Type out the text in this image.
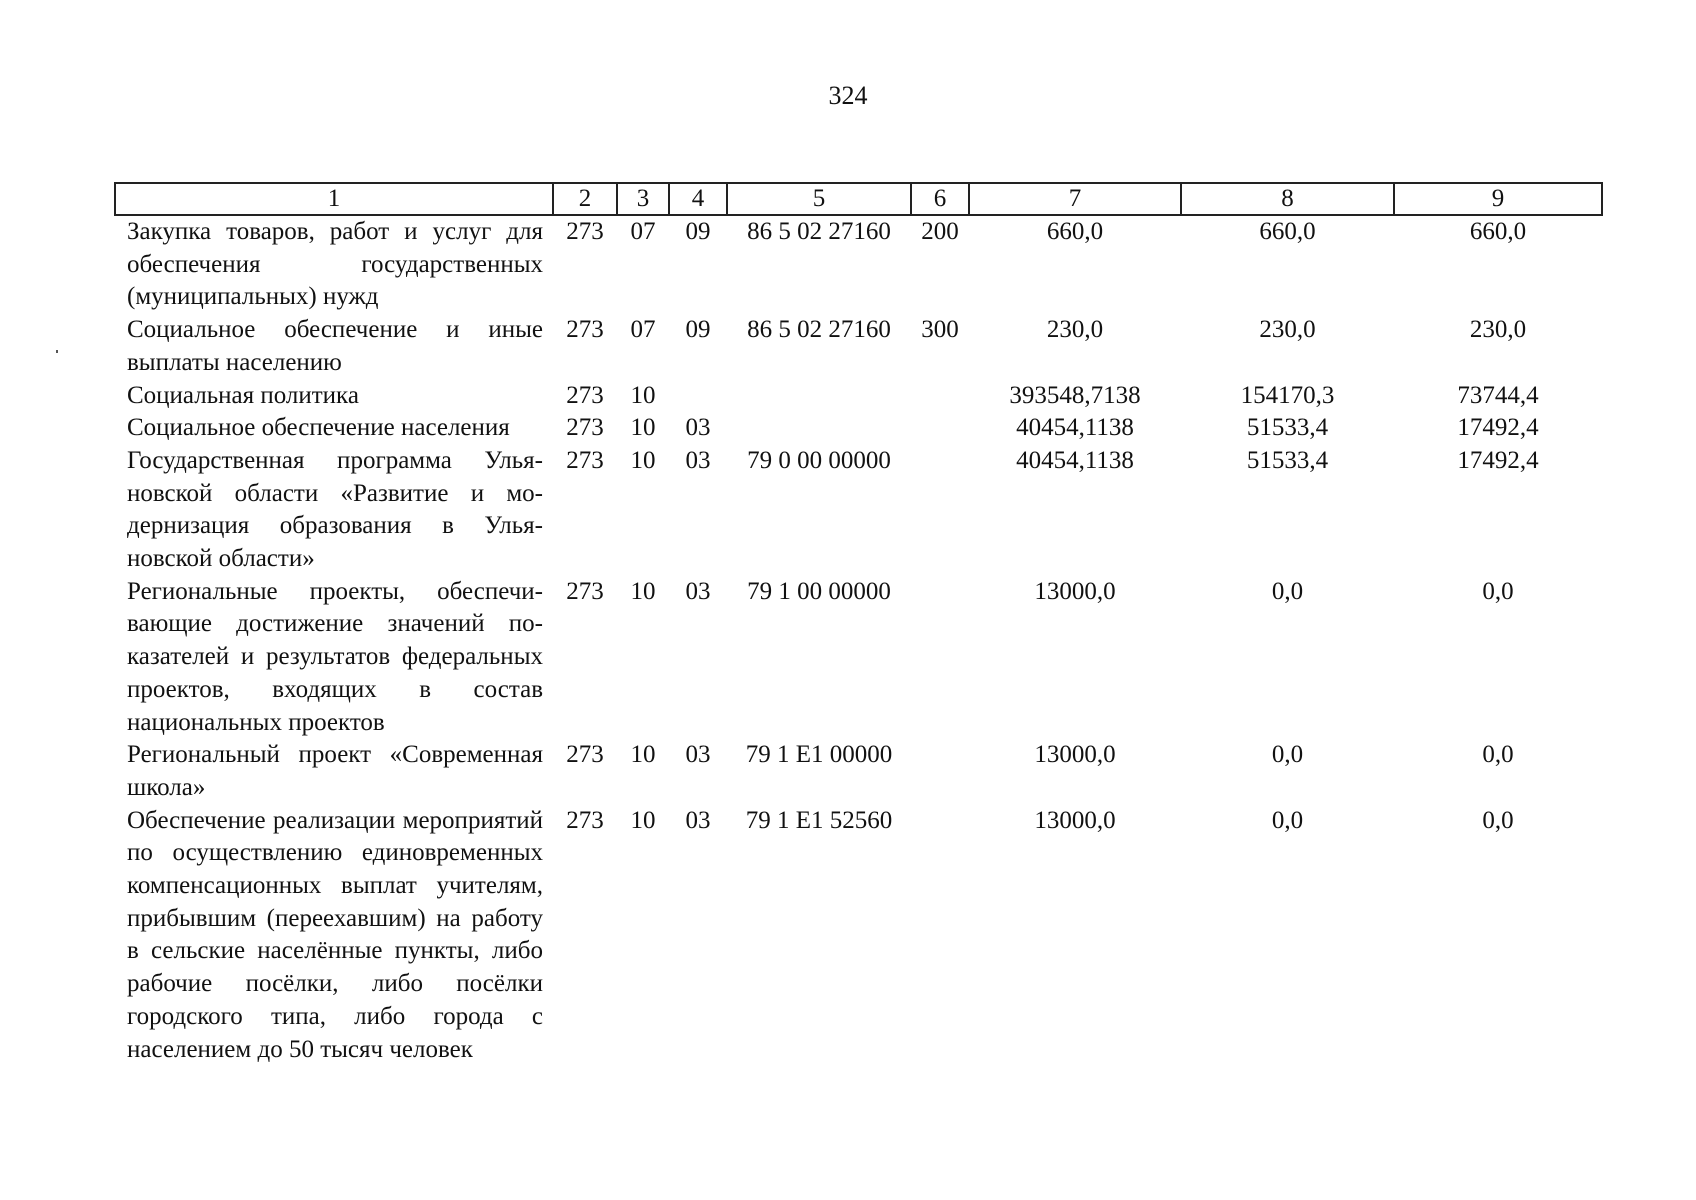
324
1	2	3	4	5	6	7	8	9
Закупка товаров, работ и услуг для обеспечения государственных (муниципальных) нужд	273	07	09	86 5 02 27160	200	660,0	660,0	660,0
Социальное обеспечение и иные выплаты населению	273	07	09	86 5 02 27160	300	230,0	230,0	230,0
Социальная политика	273	10				393548,7138	154170,3	73744,4
Социальное обеспечение населения	273	10	03			40454,1138	51533,4	17492,4
Государственная программа Ульяновской области «Развитие и модернизация образования в Ульяновской области»	273	10	03	79 0 00 00000		40454,1138	51533,4	17492,4
Региональные проекты, обеспечивающие достижение значений показателей и результатов федеральных проектов, входящих в состав национальных проектов	273	10	03	79 1 00 00000		13000,0	0,0	0,0
Региональный проект «Современная школа»	273	10	03	79 1 E1 00000		13000,0	0,0	0,0
Обеспечение реализации мероприятий по осуществлению единовременных компенсационных выплат учителям, прибывшим (переехавшим) на работу в сельские населённые пункты, либо рабочие посёлки, либо посёлки городского типа, либо города с населением до 50 тысяч человек	273	10	03	79 1 E1 52560		13000,0	0,0	0,0
